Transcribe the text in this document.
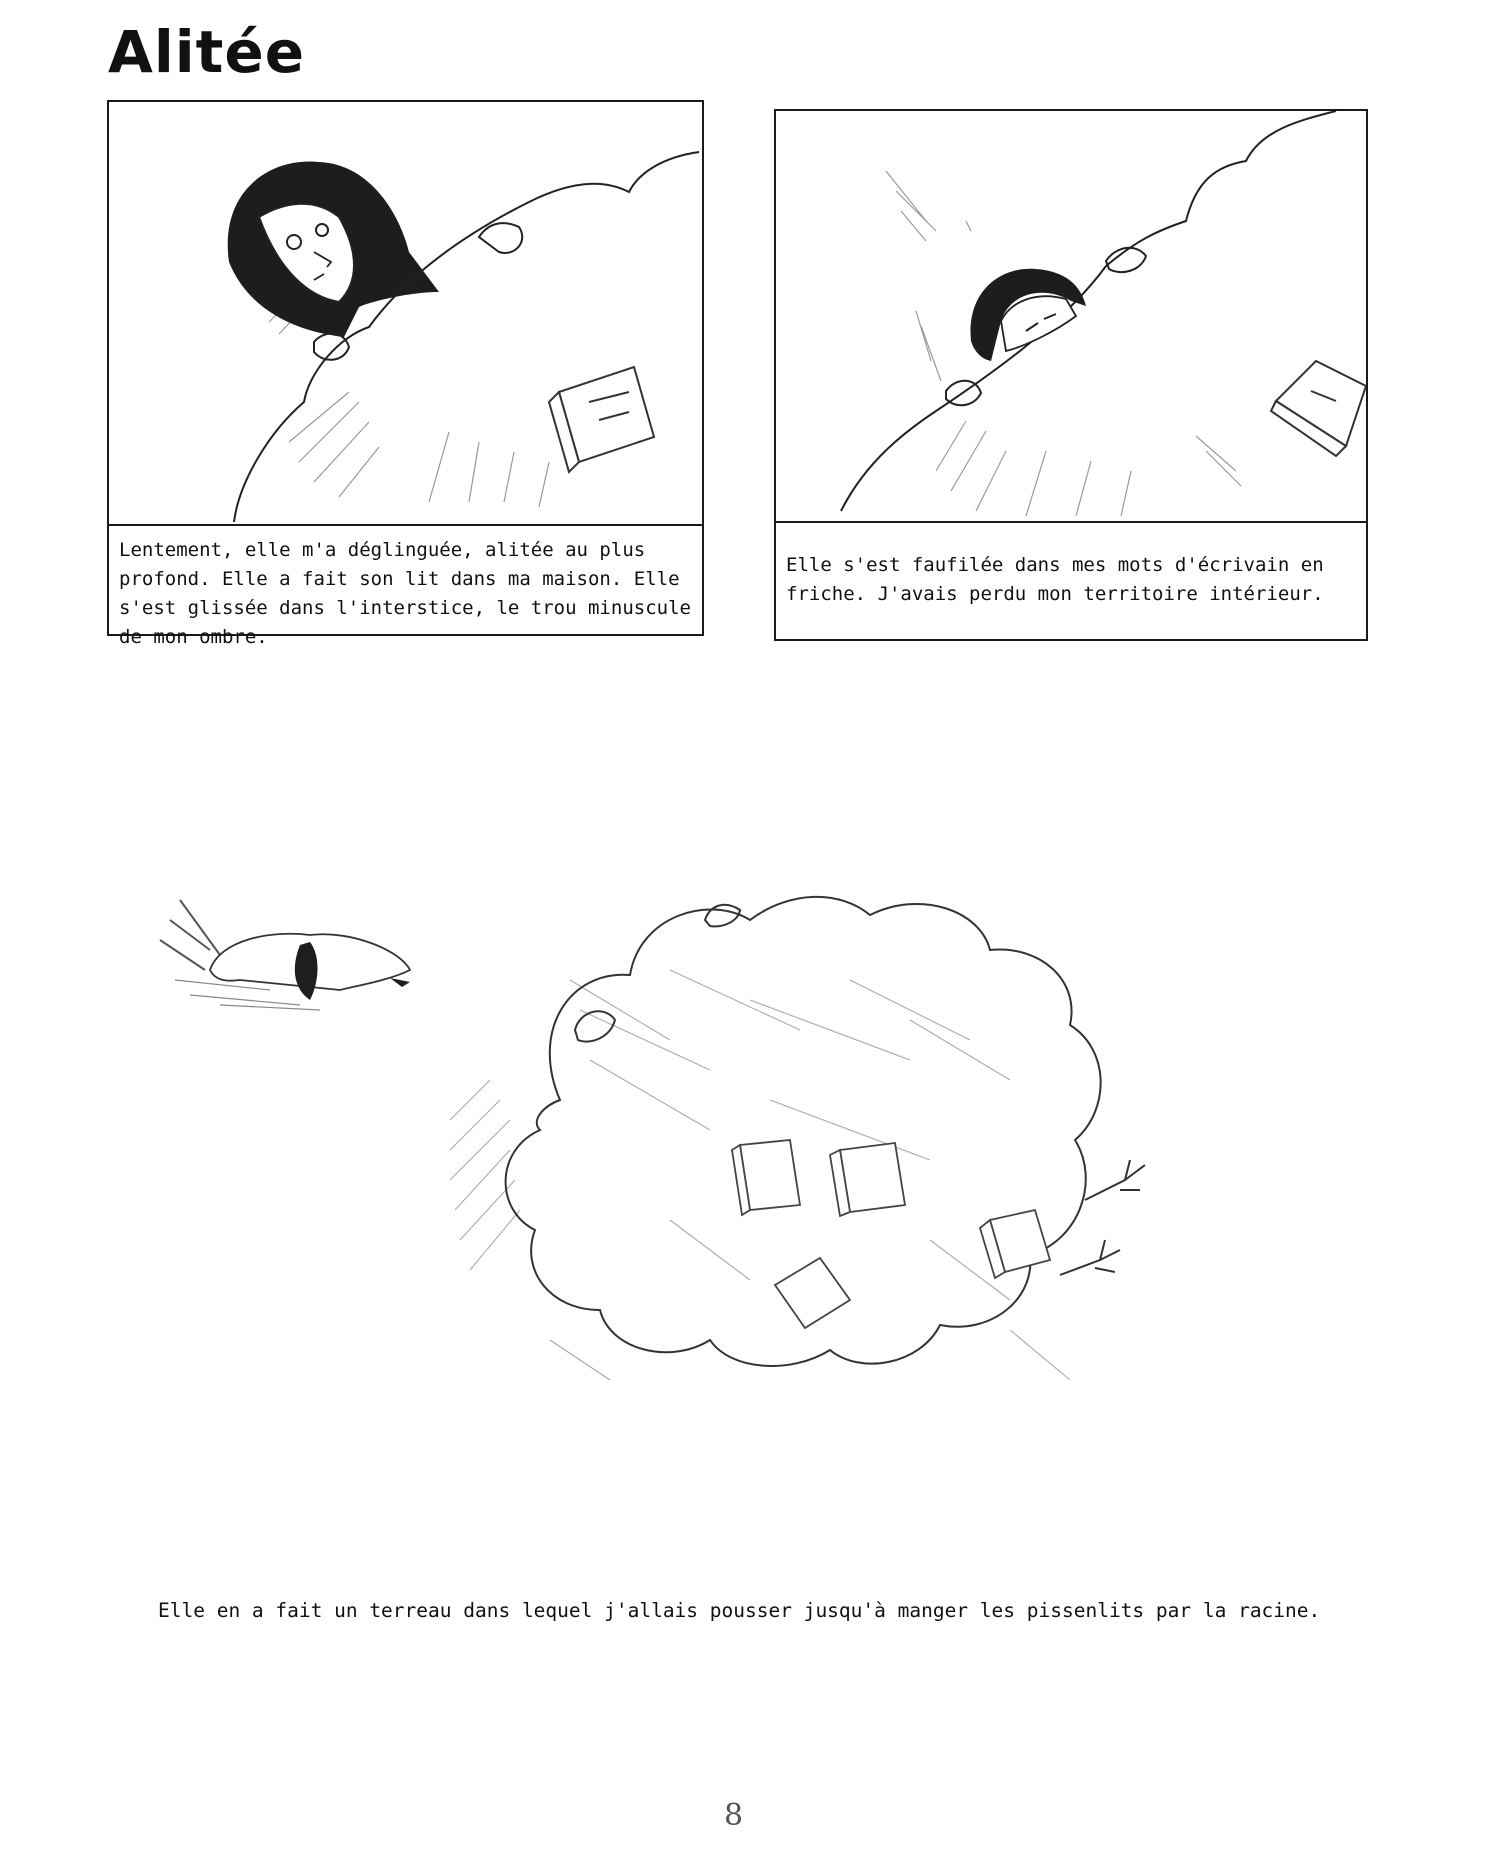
Alitée
Lentement, elle m'a déglinguée, alitée au plus profond. Elle a fait son lit dans ma maison. Elle s'est glissée dans l'interstice, le trou minuscule de mon ombre.
Elle s'est faufilée dans mes mots d'écrivain en friche. J'avais perdu mon territoire intérieur.
Elle en a fait un terreau dans lequel j'allais pousser jusqu'à manger les pissenlits par la racine.
8
